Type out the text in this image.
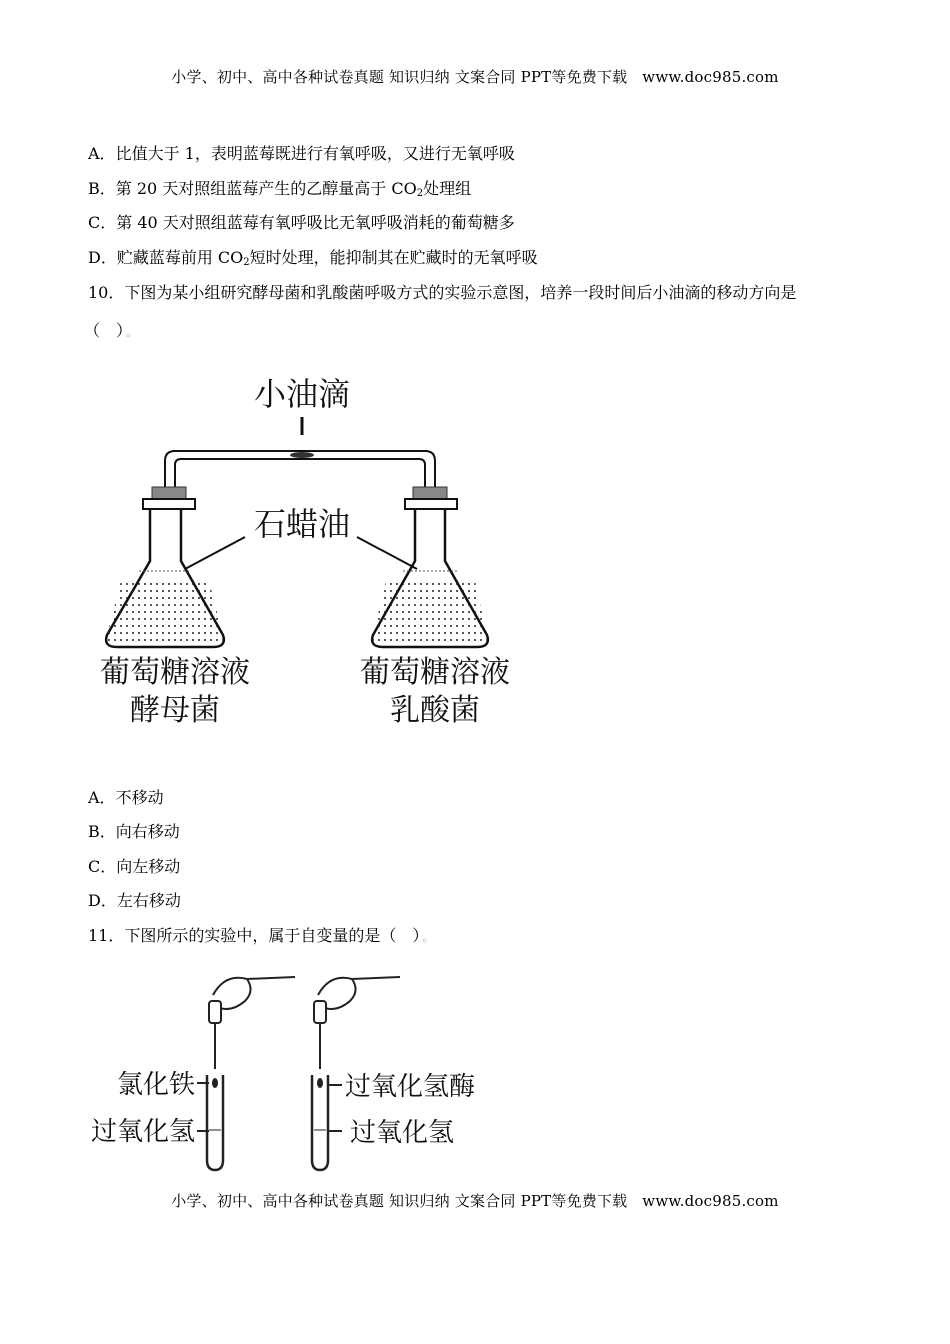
小学、初中、高中各种试卷真题 知识归纳 文案合同 PPT等免费下载 www.doc985.com
A．比值大于 1，表明蓝莓既进行有氧呼吸，又进行无氧呼吸
B．第 20 天对照组蓝莓产生的乙醇量高于 $CO_2$处理组
C．第 40 天对照组蓝莓有氧呼吸比无氧呼吸消耗的葡萄糖多
D．贮藏蓝莓前用 $CO_2$短时处理，能抑制其在贮藏时的无氧呼吸
10．下图为某小组研究酵母菌和乳酸菌呼吸方式的实验示意图，培养一段时间后小油滴的移动方向是
（　） 。
小油滴
石蜡油
葡萄糖溶液
酵母菌
葡萄糖溶液
乳酸菌
A．不移动
B．向右移动
C．向左移动
D．左右移动
11．下图所示的实验中，属于自变量的是（　） 。
氯化铁
过氧化氢
过氧化氢酶
过氧化氢
小学、初中、高中各种试卷真题 知识归纳 文案合同 PPT等免费下载 www.doc985.com
